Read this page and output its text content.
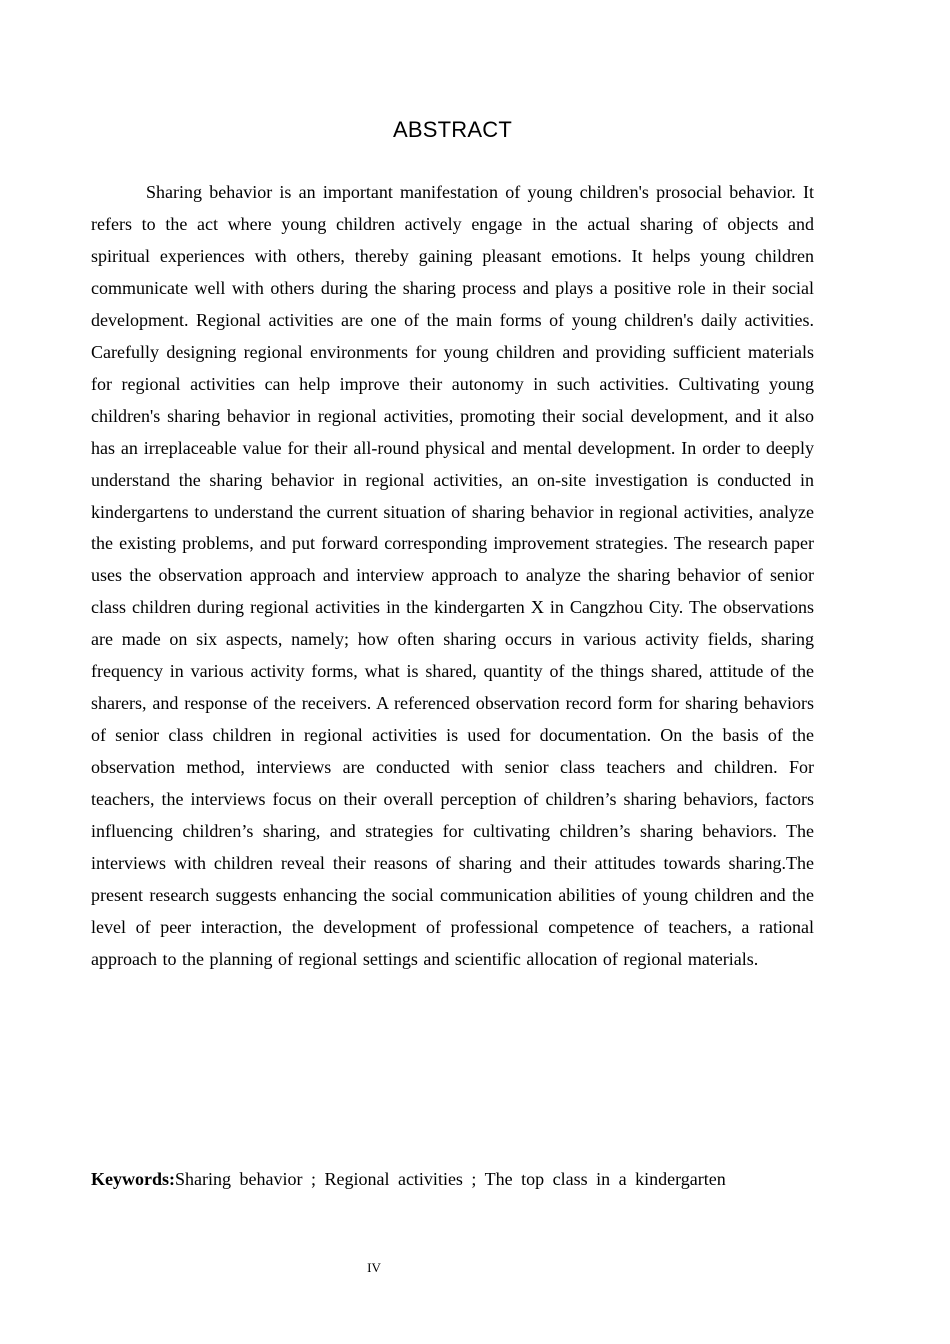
ABSTRACT

Sharing behavior is an important manifestation of young children's prosocial behavior. It refers to the act where young children actively engage in the actual sharing of objects and spiritual experiences with others, thereby gaining pleasant emotions. It helps young children communicate well with others during the sharing process and plays a positive role in their social development. Regional activities are one of the main forms of young children's daily activities. Carefully designing regional environments for young children and providing sufficient materials for regional activities can help improve their autonomy in such activities. Cultivating young children's sharing behavior in regional activities, promoting their social development, and it also has an irreplaceable value for their all-round physical and mental development. In order to deeply understand the sharing behavior in regional activities, an on-site investigation is conducted in kindergartens to understand the current situation of sharing behavior in regional activities, analyze the existing problems, and put forward corresponding improvement strategies. The research paper uses the observation approach and interview approach to analyze the sharing behavior of senior class children during regional activities in the kindergarten X in Cangzhou City. The observations are made on six aspects, namely; how often sharing occurs in various activity fields, sharing frequency in various activity forms, what is shared, quantity of the things shared, attitude of the sharers, and response of the receivers. A referenced observation record form for sharing behaviors of senior class children in regional activities is used for documentation. On the basis of the observation method, interviews are conducted with senior class teachers and children. For teachers, the interviews focus on their overall perception of children’s sharing behaviors, factors influencing children’s sharing, and strategies for cultivating children’s sharing behaviors. The interviews with children reveal their reasons of sharing and their attitudes towards sharing.The present research suggests enhancing the social communication abilities of young children and the level of peer interaction, the development of professional competence of teachers, a rational approach to the planning of regional settings and scientific allocation of regional materials.

Keywords:Sharing behavior ; Regional activities ; The top class in a kindergarten
IV
